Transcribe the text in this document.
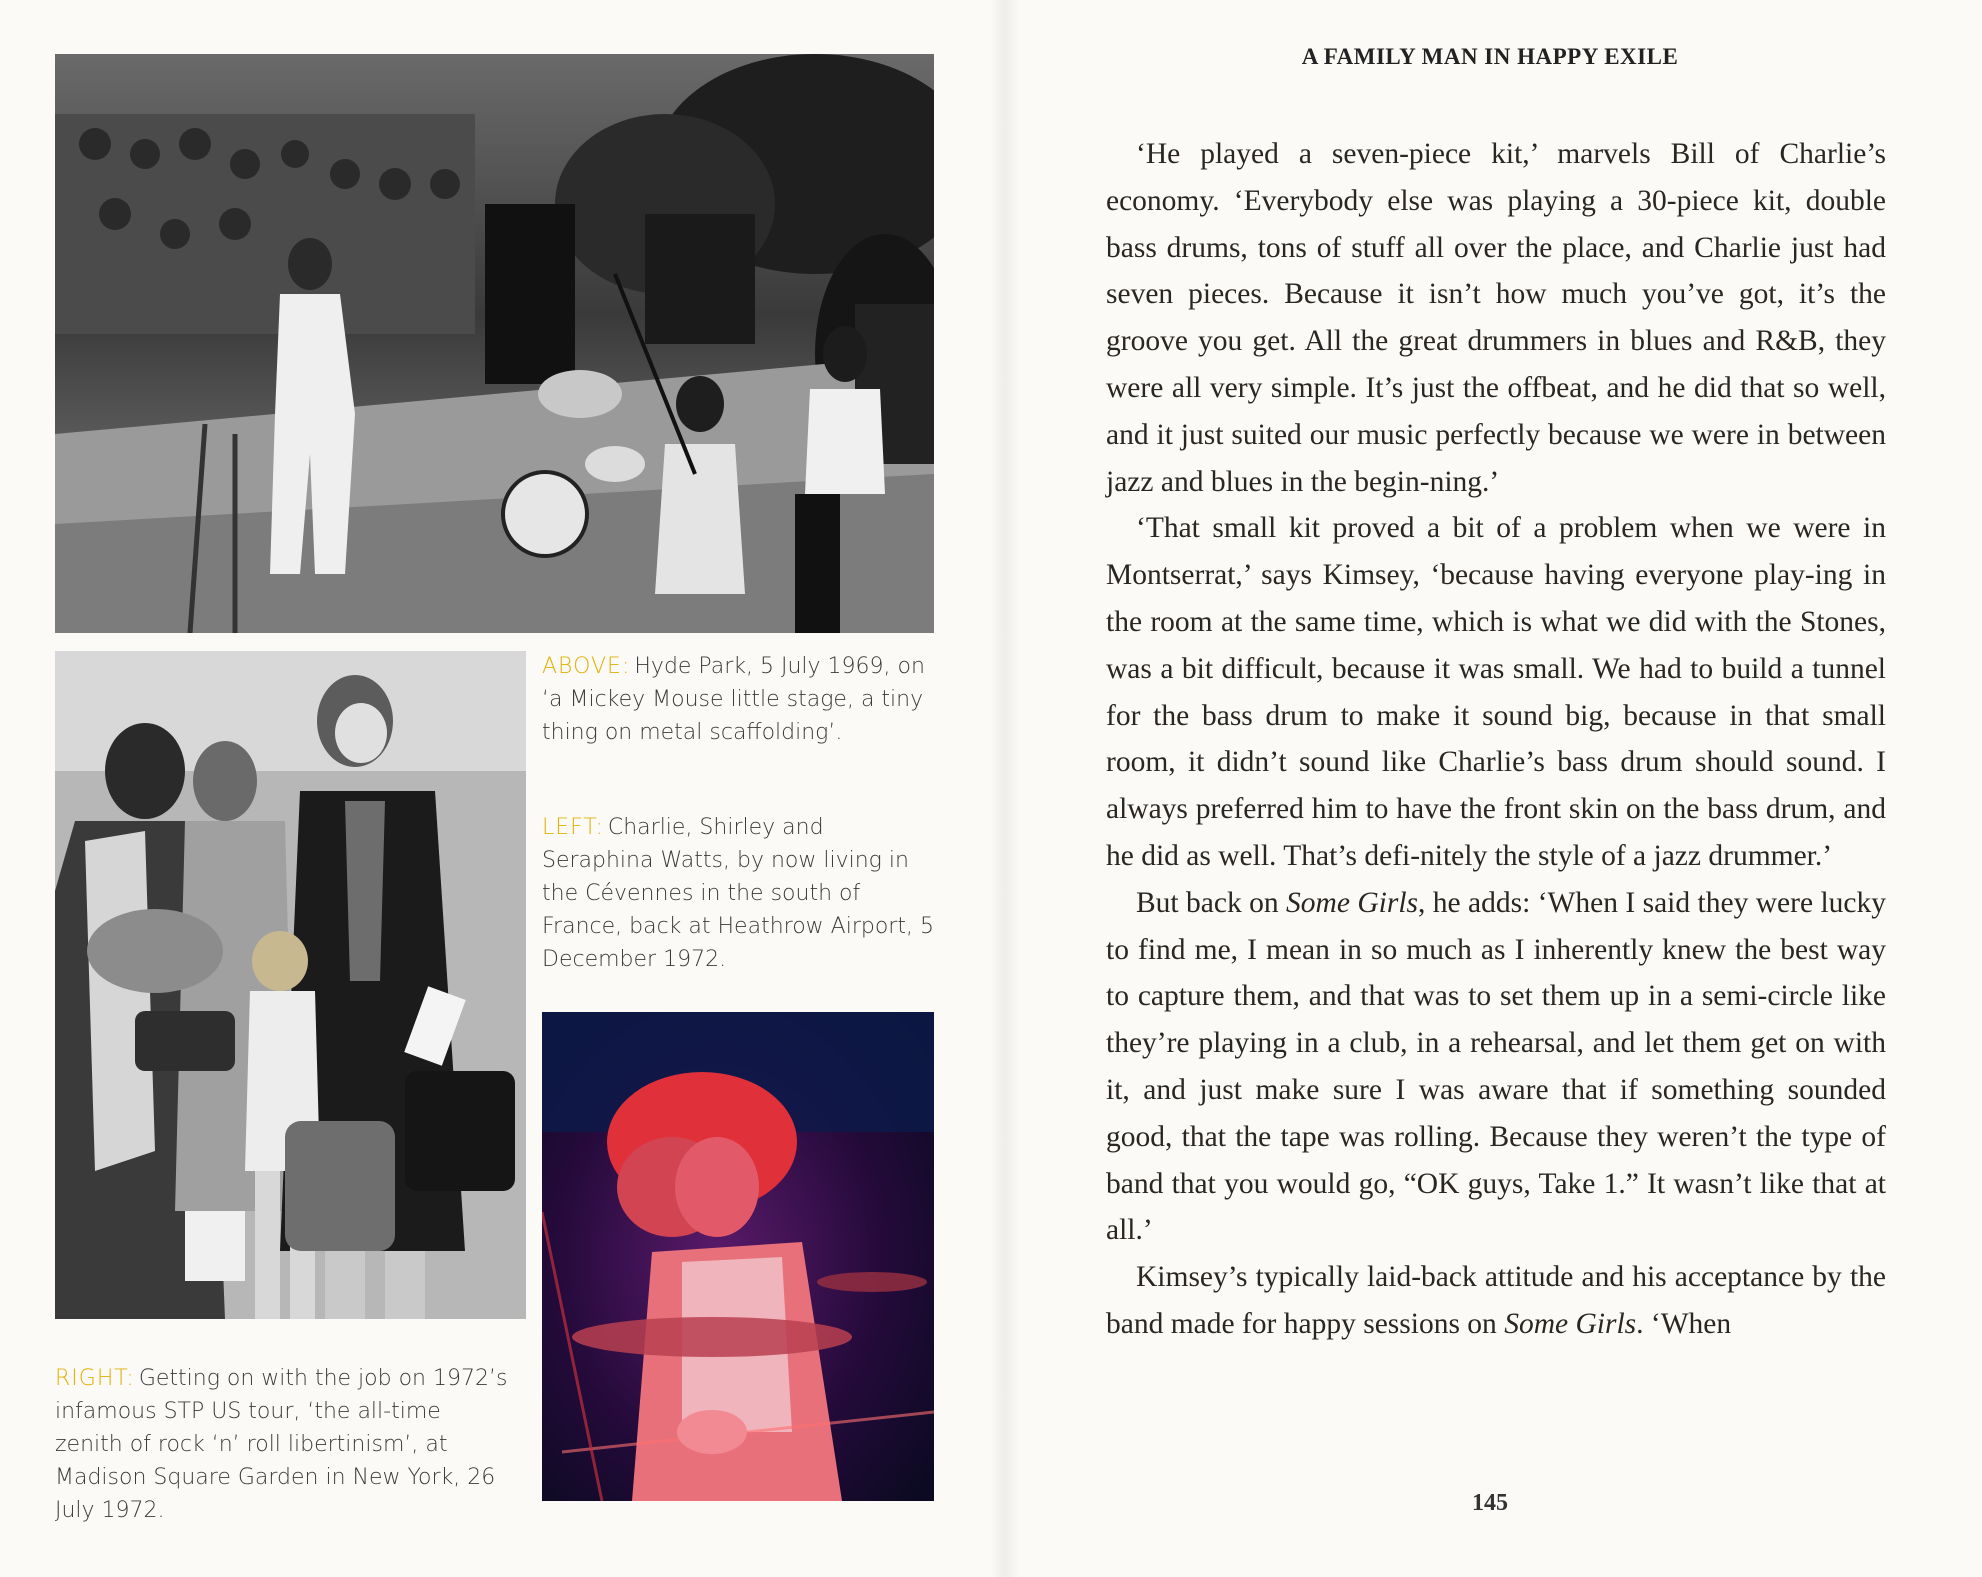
ABOVE: Hyde Park, 5 July 1969, on ‘a Mickey Mouse little stage, a tiny thing on metal scaffolding’.
LEFT: Charlie, Shirley and Seraphina Watts, by now living in the Cévennes in the south of France, back at Heathrow Airport, 5 December 1972.
RIGHT: Getting on with the job on 1972’s infamous STP US tour, ‘the all-time zenith of rock ‘n’ roll libertinism’, at Madison Square Garden in New York, 26 July 1972.
A FAMILY MAN IN HAPPY EXILE

‘He played a seven-piece kit,’ marvels Bill of Charlie’s economy. ‘Everybody else was playing a 30-piece kit, double bass drums, tons of stuff all over the place, and Charlie just had seven pieces. Because it isn’t how much you’ve got, it’s the groove you get. All the great drummers in blues and R&B, they were all very simple. It’s just the offbeat, and he did that so well, and it just suited our music perfectly because we were in between jazz and blues in the begin-ning.’

‘That small kit proved a bit of a problem when we were in Montserrat,’ says Kimsey, ‘because having everyone play-ing in the room at the same time, which is what we did with the Stones, was a bit difficult, because it was small. We had to build a tunnel for the bass drum to make it sound big, because in that small room, it didn’t sound like Charlie’s bass drum should sound. I always preferred him to have the front skin on the bass drum, and he did as well. That’s defi-nitely the style of a jazz drummer.’

But back on Some Girls, he adds: ‘When I said they were lucky to find me, I mean in so much as I inherently knew the best way to capture them, and that was to set them up in a semi-circle like they’re playing in a club, in a rehearsal, and let them get on with it, and just make sure I was aware that if something sounded good, that the tape was rolling. Because they weren’t the type of band that you would go, “OK guys, Take 1.” It wasn’t like that at all.’

Kimsey’s typically laid-back attitude and his acceptance by the band made for happy sessions on Some Girls. ‘When

145
